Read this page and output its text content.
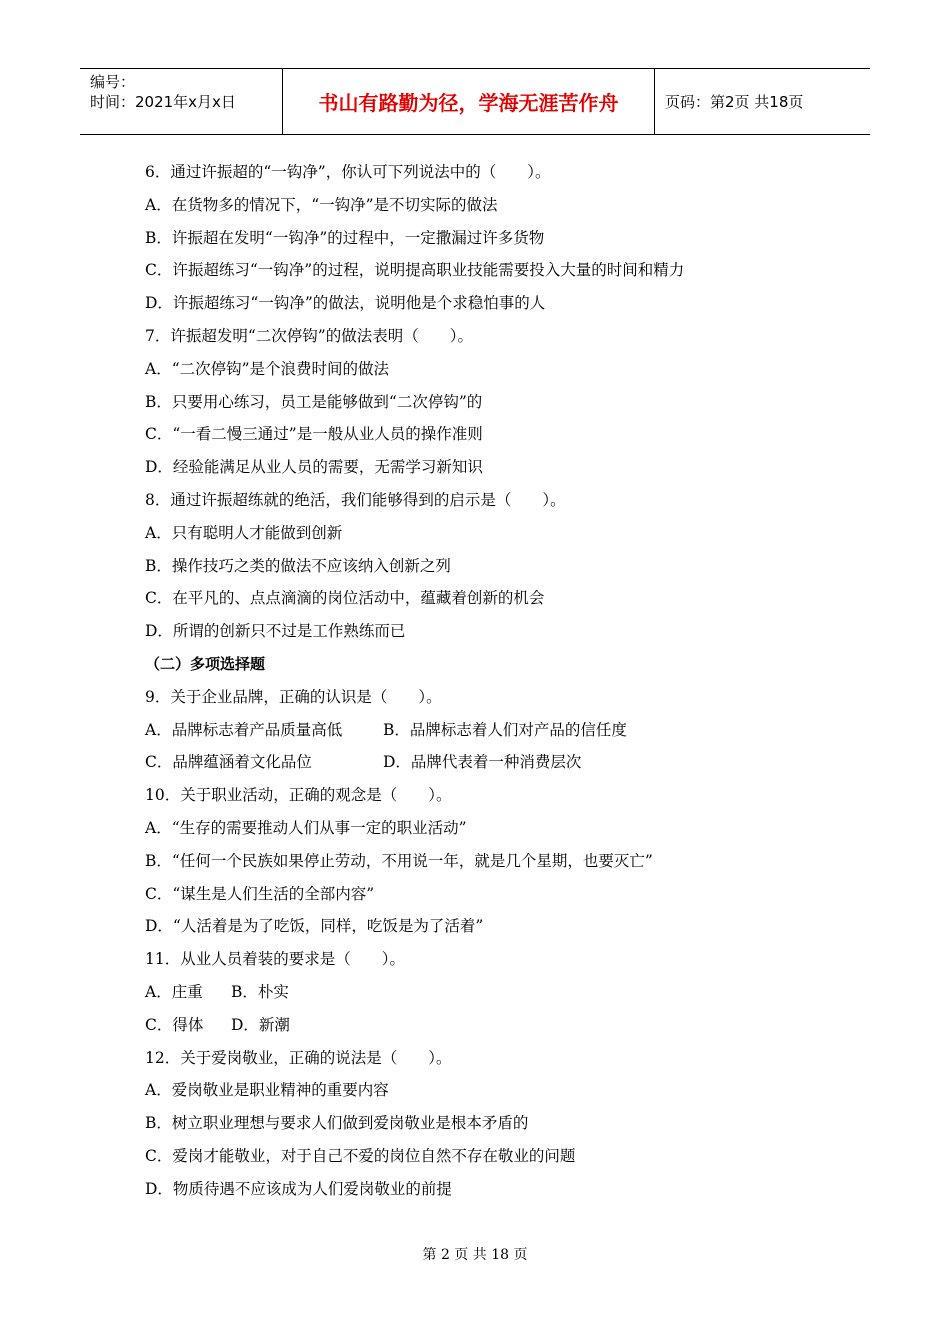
编号：
时间：2021年x月x日	书山有路勤为径，学海无涯苦作舟	页码：第2页 共18页
6．通过许振超的“一钩净”，你认可下列说法中的（　　）。
A．在货物多的情况下，“一钩净”是不切实际的做法
B．许振超在发明“一钩净”的过程中，一定撒漏过许多货物
C．许振超练习“一钩净”的过程，说明提高职业技能需要投入大量的时间和精力
D．许振超练习“一钩净”的做法，说明他是个求稳怕事的人
7．许振超发明“二次停钩”的做法表明（　　）。
A．“二次停钩”是个浪费时间的做法
B．只要用心练习，员工是能够做到“二次停钩”的
C．“一看二慢三通过”是一般从业人员的操作准则
D．经验能满足从业人员的需要，无需学习新知识
8．通过许振超练就的绝活，我们能够得到的启示是（　　）。
A．只有聪明人才能做到创新
B．操作技巧之类的做法不应该纳入创新之列
C．在平凡的、点点滴滴的岗位活动中，蕴藏着创新的机会
D．所谓的创新只不过是工作熟练而已
（二）多项选择题
9．关于企业品牌，正确的认识是（　　）。
A．品牌标志着产品质量高低	B．品牌标志着人们对产品的信任度
C．品牌蕴涵着文化品位	D．品牌代表着一种消费层次
10．关于职业活动，正确的观念是（　　）。
A．“生存的需要推动人们从事一定的职业活动”
B．“任何一个民族如果停止劳动，不用说一年，就是几个星期，也要灭亡”
C．“谋生是人们生活的全部内容”
D．“人活着是为了吃饭，同样，吃饭是为了活着”
11．从业人员着装的要求是（　　）。
A．庄重 B．朴实
C．得体 D．新潮
12．关于爱岗敬业，正确的说法是（　　）。
A．爱岗敬业是职业精神的重要内容
B．树立职业理想与要求人们做到爱岗敬业是根本矛盾的
C．爱岗才能敬业，对于自己不爱的岗位自然不存在敬业的问题
D．物质待遇不应该成为人们爱岗敬业的前提
第 2 页 共 18 页
